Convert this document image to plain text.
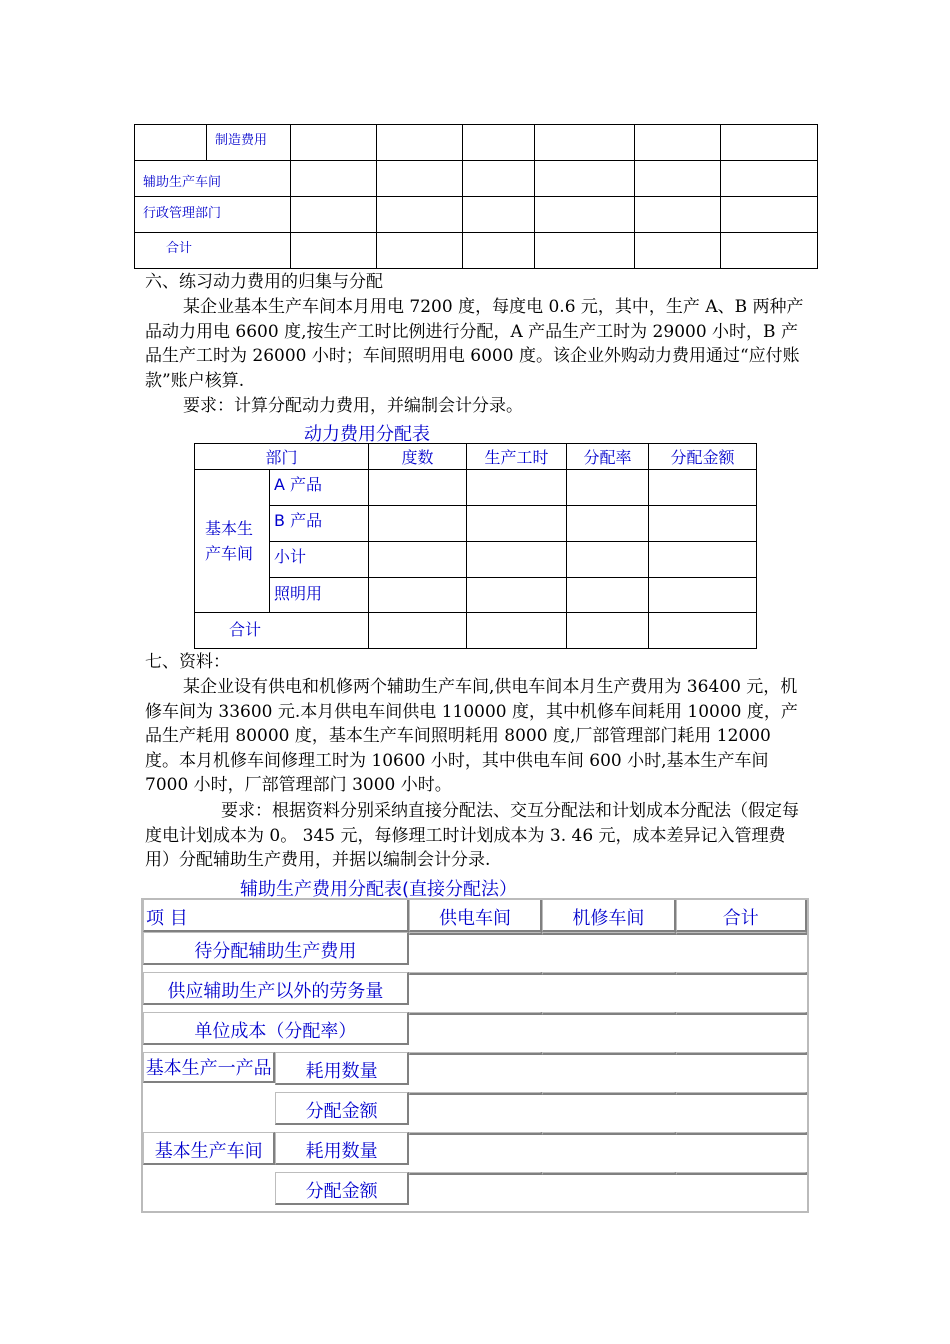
	制造费用						

辅助生产车间							

行政管理部门							

合计							

六、练习动力费用的归集与分配

某企业基本生产车间本月用电 7200 度，每度电 0.6 元，其中，生产 A、B 两种产品动力用电 6600 度,按生产工时比例进行分配，A 产品生产工时为 29000 小时，B 产品生产工时为 26000 小时；车间照明用电 6000 度。该企业外购动力费用通过“应付账款”账户核算.

要求：计算分配动力费用，并编制会计分录。

动力费用分配表

部门		度数	生产工时	分配率	分配金额

基本生产车间	A 产品				

	B 产品				

	小计				

	照明用				

合计					

七、资料：

某企业设有供电和机修两个辅助生产车间,供电车间本月生产费用为 36400 元，机修车间为 33600 元.本月供电车间供电 110000 度，其中机修车间耗用 10000 度，产品生产耗用 80000 度，基本生产车间照明耗用 8000 度,厂部管理部门耗用 12000 度。本月机修车间修理工时为 10600 小时，其中供电车间 600 小时,基本生产车间 7000 小时，厂部管理部门 3000 小时。

要求：根据资料分别采纳直接分配法、交互分配法和计划成本分配法（假定每度电计划成本为 0。 345 元，每修理工时计划成本为 3. 46 元，成本差异记入管理费用）分配辅助生产费用，并据以编制会计分录.

辅助生产费用分配表(直接分配法）

项 目		供电车间	机修车间	合计

待分配辅助生产费用				

供应辅助生产以外的劳务量				

单位成本（分配率）				

基本生产一产品	耗用数量			

	分配金额			

基本生产车间	耗用数量			

	分配金额			
